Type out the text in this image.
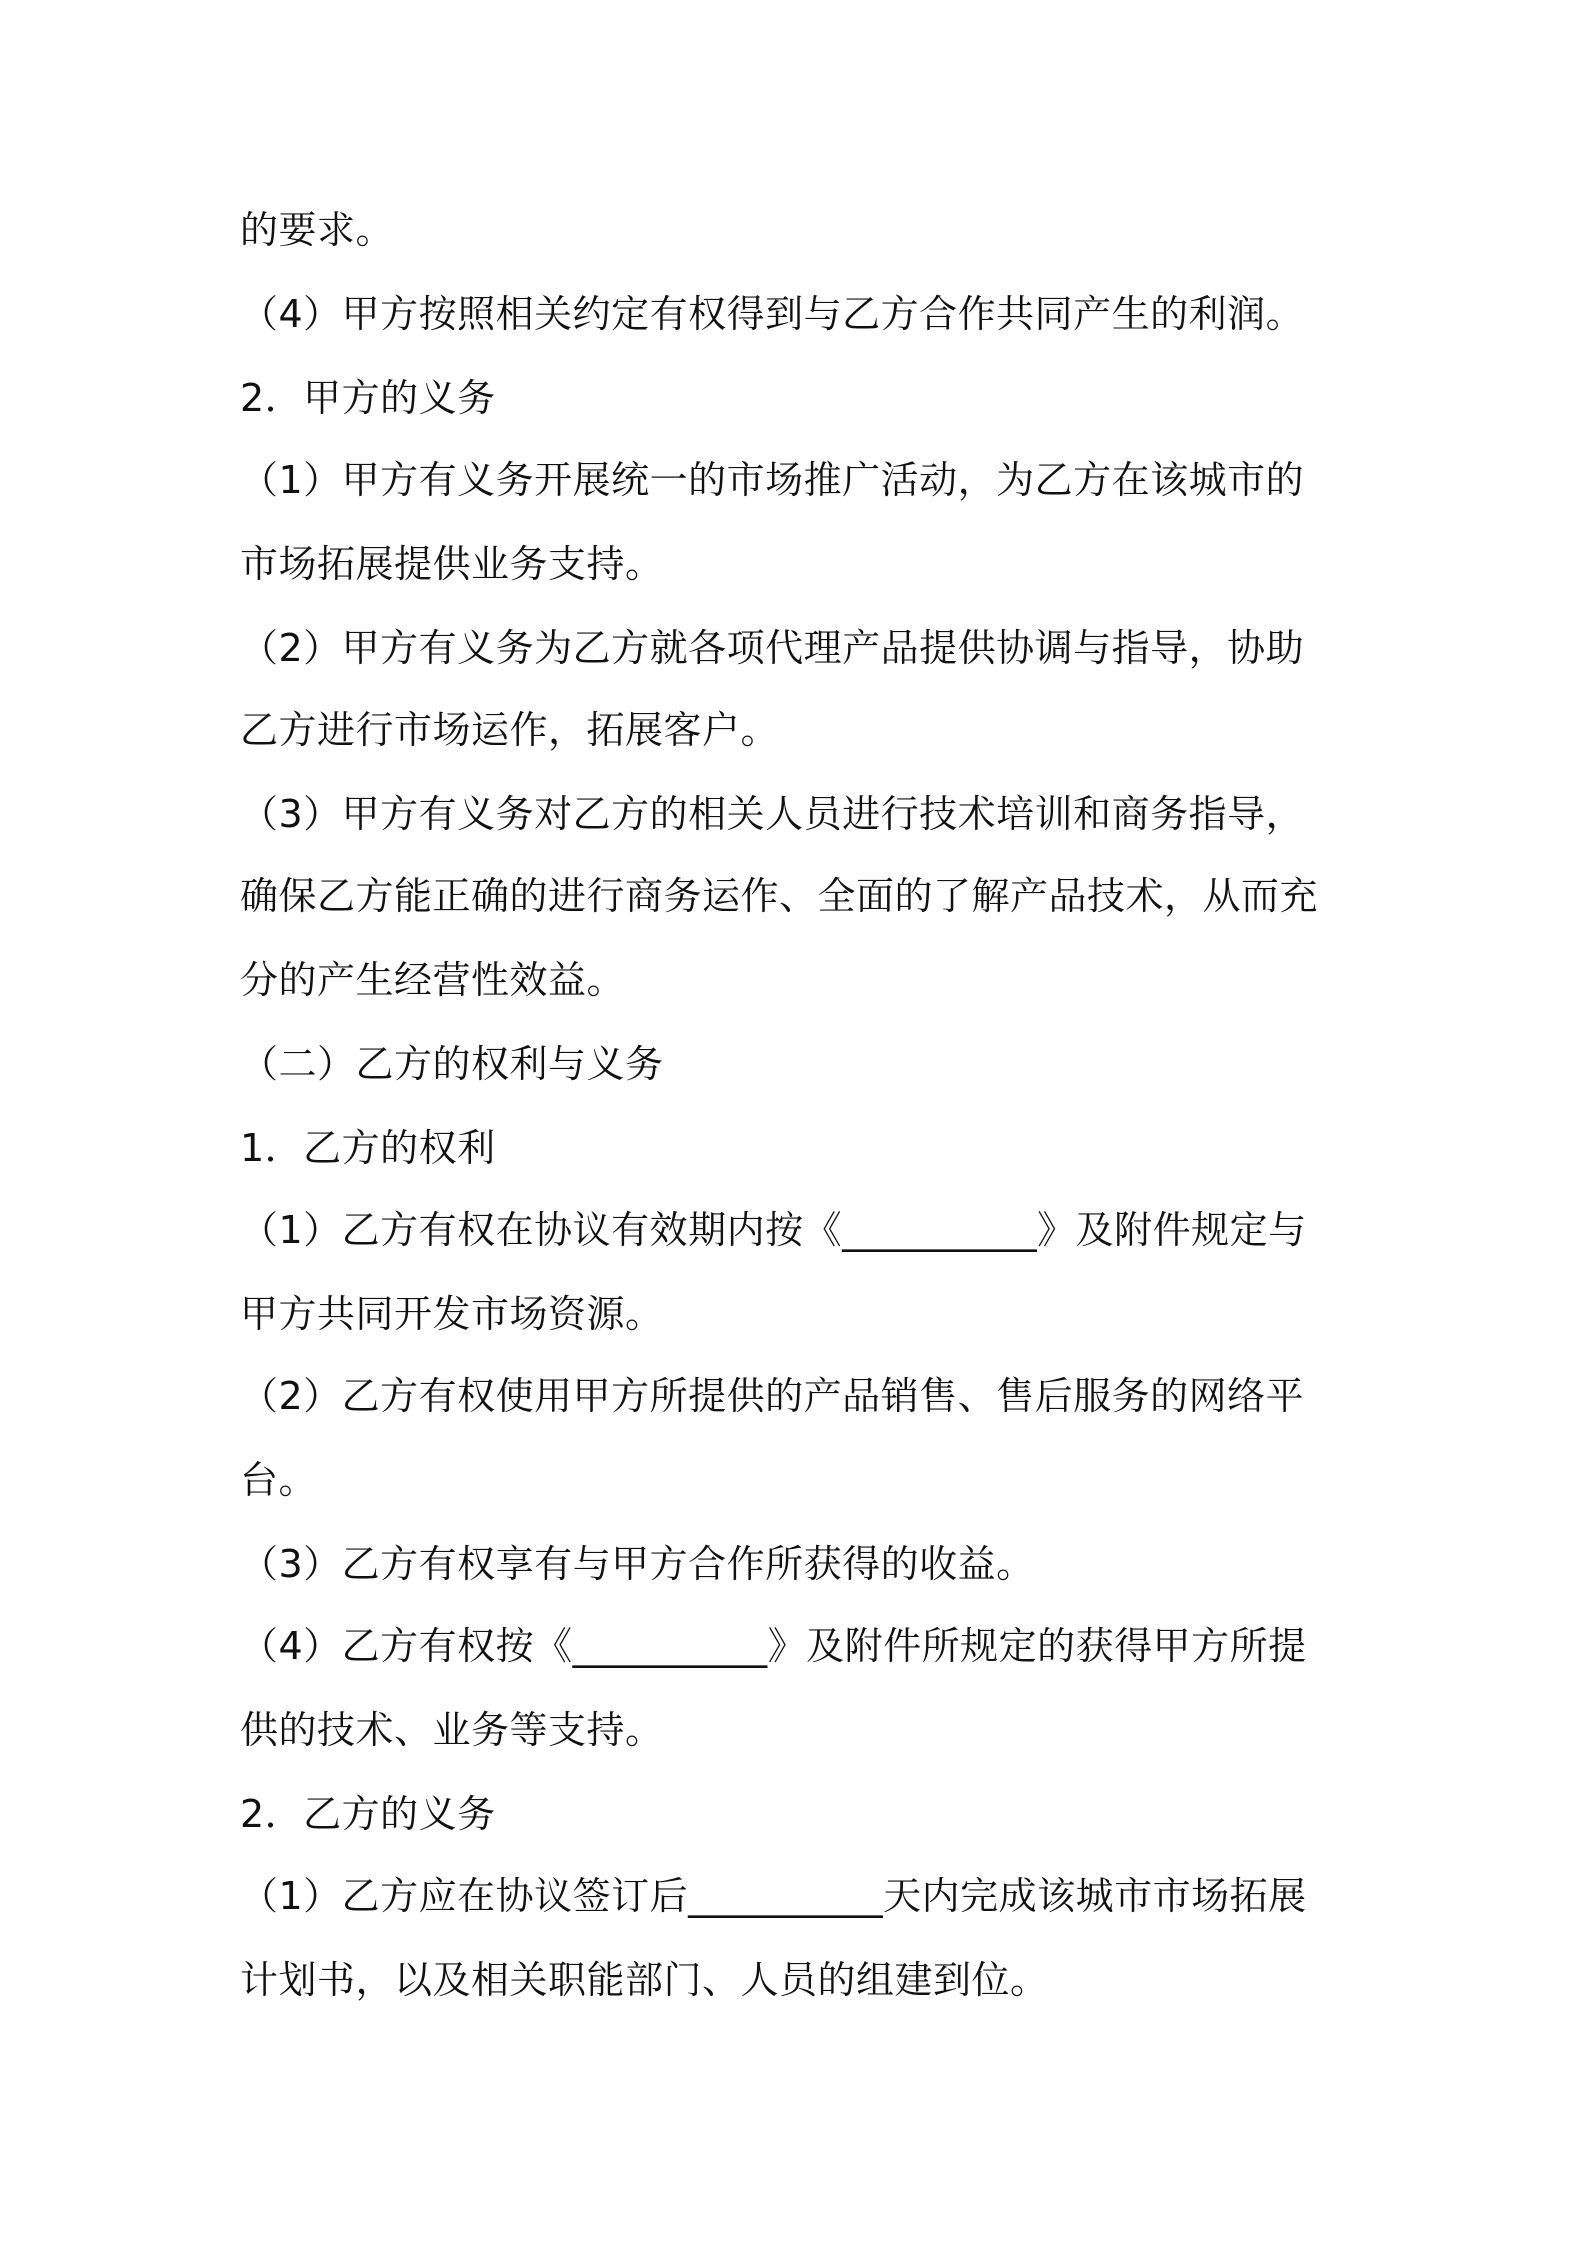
的要求。
（4）甲方按照相关约定有权得到与乙方合作共同产生的利润。
2．甲方的义务
（1）甲方有义务开展统一的市场推广活动，为乙方在该城市的
市场拓展提供业务支持。
（2）甲方有义务为乙方就各项代理产品提供协调与指导，协助
乙方进行市场运作，拓展客户。
（3）甲方有义务对乙方的相关人员进行技术培训和商务指导，
确保乙方能正确的进行商务运作、全面的了解产品技术，从而充
分的产生经营性效益。
（二）乙方的权利与义务
1．乙方的权利
（1）乙方有权在协议有效期内按《__________》及附件规定与
甲方共同开发市场资源。
（2）乙方有权使用甲方所提供的产品销售、售后服务的网络平
台。
（3）乙方有权享有与甲方合作所获得的收益。
（4）乙方有权按《__________》及附件所规定的获得甲方所提
供的技术、业务等支持。
2．乙方的义务
（1）乙方应在协议签订后__________天内完成该城市市场拓展
计划书，以及相关职能部门、人员的组建到位。
